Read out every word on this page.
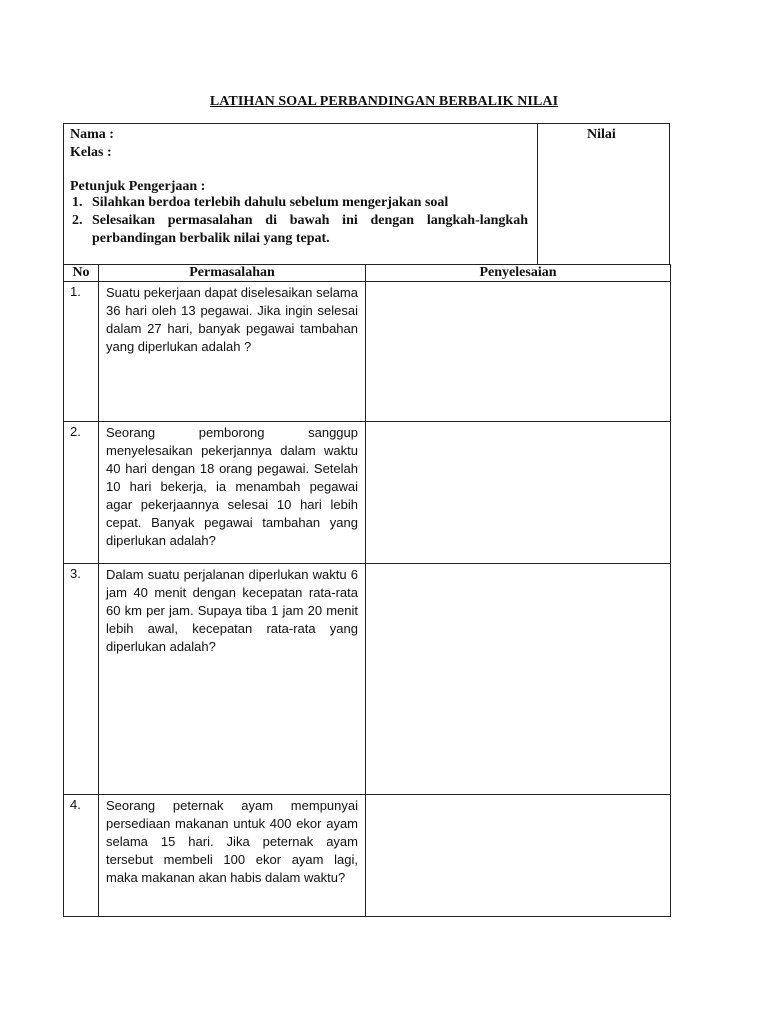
LATIHAN SOAL PERBANDINGAN BERBALIK NILAI
Nama :
Kelas :
Petunjuk Pengerjaan :
1. Silahkan berdoa terlebih dahulu sebelum mengerjakan soal
2. Selesaikan permasalahan di bawah ini dengan langkah-langkah perbandingan berbalik nilai yang tepat.
Nilai
No	Permasalahan	Penyelesaian
1.	Suatu pekerjaan dapat diselesaikan selama 36 hari oleh 13 pegawai. Jika ingin selesai dalam 27 hari, banyak pegawai tambahan yang diperlukan adalah ?	
2.	Seorang pemborong sanggup menyelesaikan pekerjannya dalam waktu 40 hari dengan 18 orang pegawai. Setelah 10 hari bekerja, ia menambah pegawai agar pekerjaannya selesai 10 hari lebih cepat. Banyak pegawai tambahan yang diperlukan adalah?	
3.	Dalam suatu perjalanan diperlukan waktu 6 jam 40 menit dengan kecepatan rata-rata 60 km per jam. Supaya tiba 1 jam 20 menit lebih awal, kecepatan rata-rata yang diperlukan adalah?	
4.	Seorang peternak ayam mempunyai persediaan makanan untuk 400 ekor ayam selama 15 hari. Jika peternak ayam tersebut membeli 100 ekor ayam lagi, maka makanan akan habis dalam waktu?	
